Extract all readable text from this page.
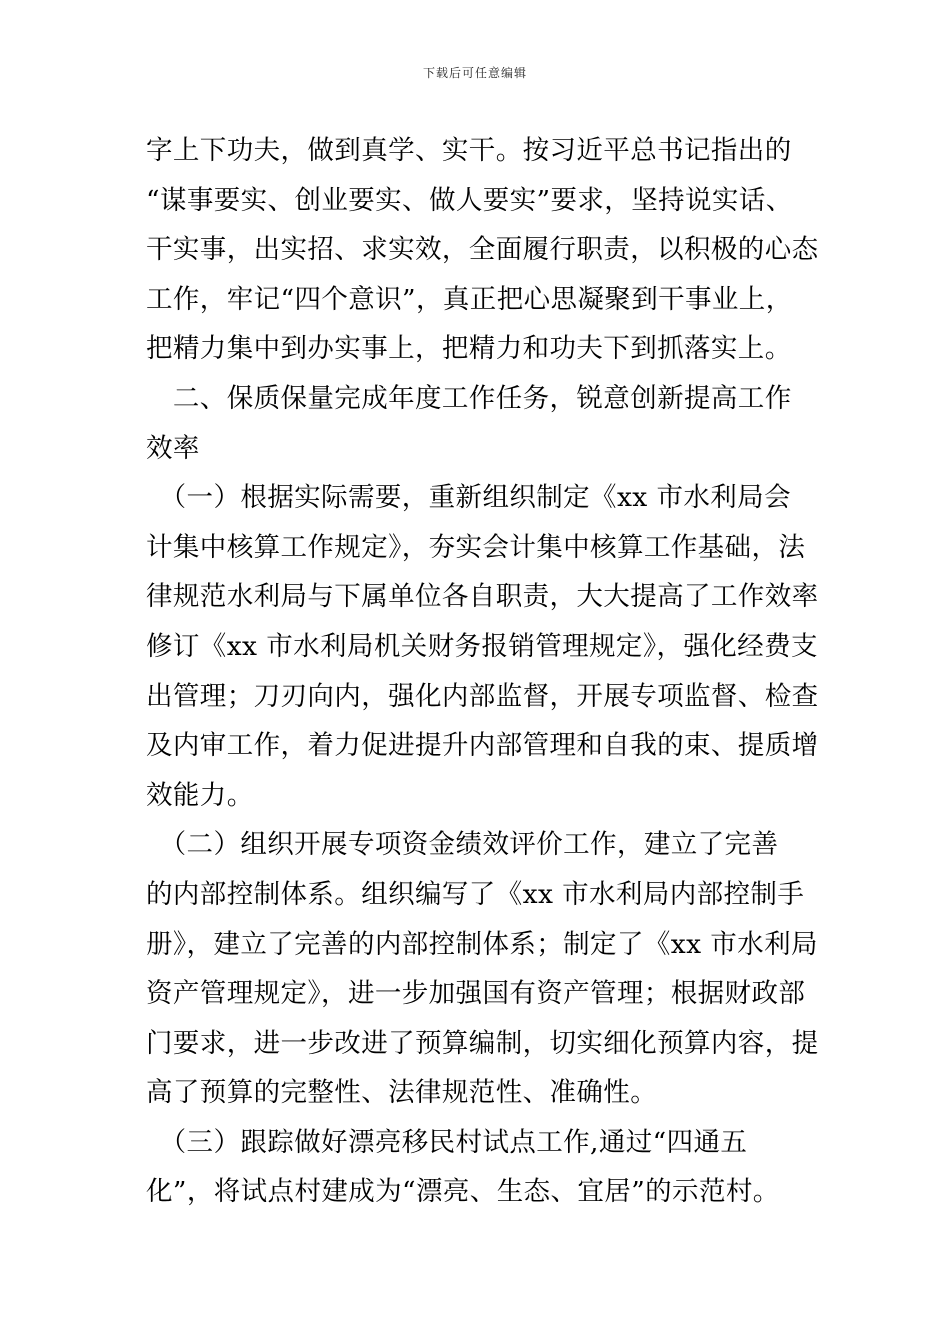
下载后可任意编辑
字上下功夫，做到真学、实干。按习近平总书记指出的
“谋事要实、创业要实、做人要实”要求，坚持说实话、
干实事，出实招、求实效，全面履行职责，以积极的心态
工作，牢记“四个意识”，真正把心思凝聚到干事业上，
把精力集中到办实事上，把精力和功夫下到抓落实上。
　二、保质保量完成年度工作任务，锐意创新提高工作
效率
　（一）根据实际需要，重新组织制定《xx 市水利局会
计集中核算工作规定》，夯实会计集中核算工作基础，法
律规范水利局与下属单位各自职责，大大提高了工作效率
修订《xx 市水利局机关财务报销管理规定》，强化经费支
出管理；刀刃向内，强化内部监督，开展专项监督、检查
及内审工作，着力促进提升内部管理和自我的束、提质增
效能力。
　（二）组织开展专项资金绩效评价工作，建立了完善
的内部控制体系。组织编写了《xx 市水利局内部控制手
册》，建立了完善的内部控制体系；制定了《xx 市水利局
资产管理规定》，进一步加强国有资产管理；根据财政部
门要求，进一步改进了预算编制，切实细化预算内容，提
高了预算的完整性、法律规范性、准确性。
　（三）跟踪做好漂亮移民村试点工作,通过“四通五
化”，将试点村建成为“漂亮、生态、宜居”的示范村。
